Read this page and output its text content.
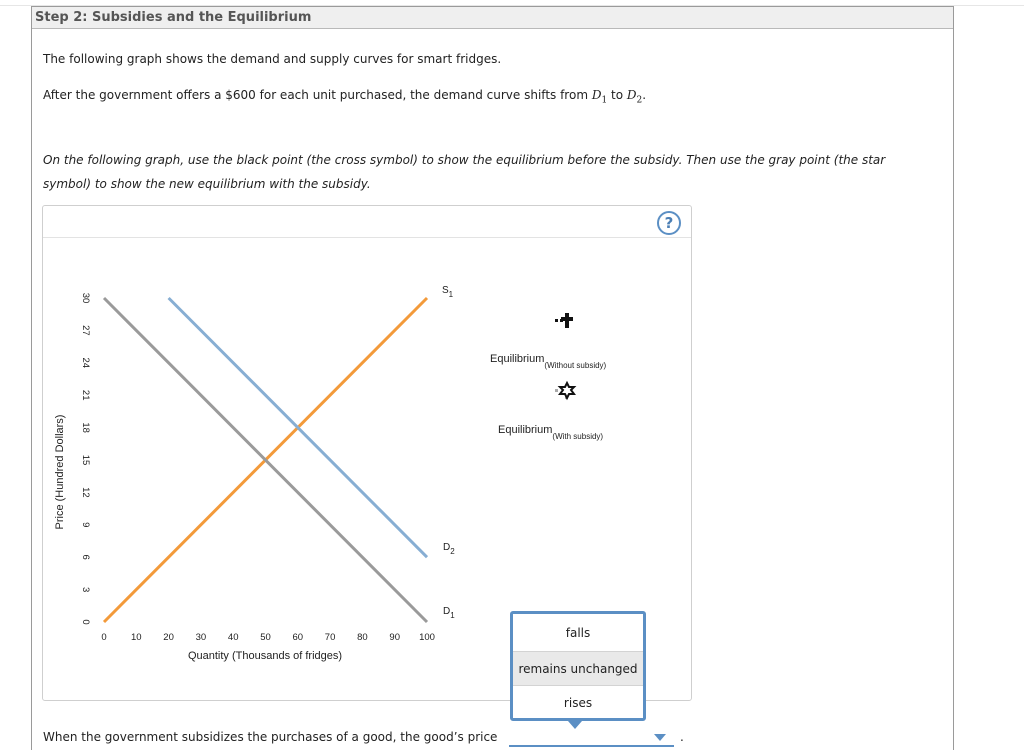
Step 2: Subsidies and the Equilibrium
The following graph shows the demand and supply curves for smart fridges.
After the government offers a $600 for each unit purchased, the demand curve shifts from $D_1$ to $D_2$.
On the following graph, use the black point (the cross symbol) to show the equilibrium before the subsidy. Then use the gray point (the star symbol) to show the new equilibrium with the subsidy.
?
0
3
6
9
12
15
18
21
24
27
30
0	10 20 30 40 50 60 70 80 90 100
Quantity (Thousands of fridges)
Price (Hundred Dollars)
$S_1$
$D_1$
$D_2$
Equilibrium$_{(Without subsidy)}$
Equilibrium$_{(With subsidy)}$
falls
remains unchanged
rises
When the government subsidizes the purchases of a good, the good’s price	.
